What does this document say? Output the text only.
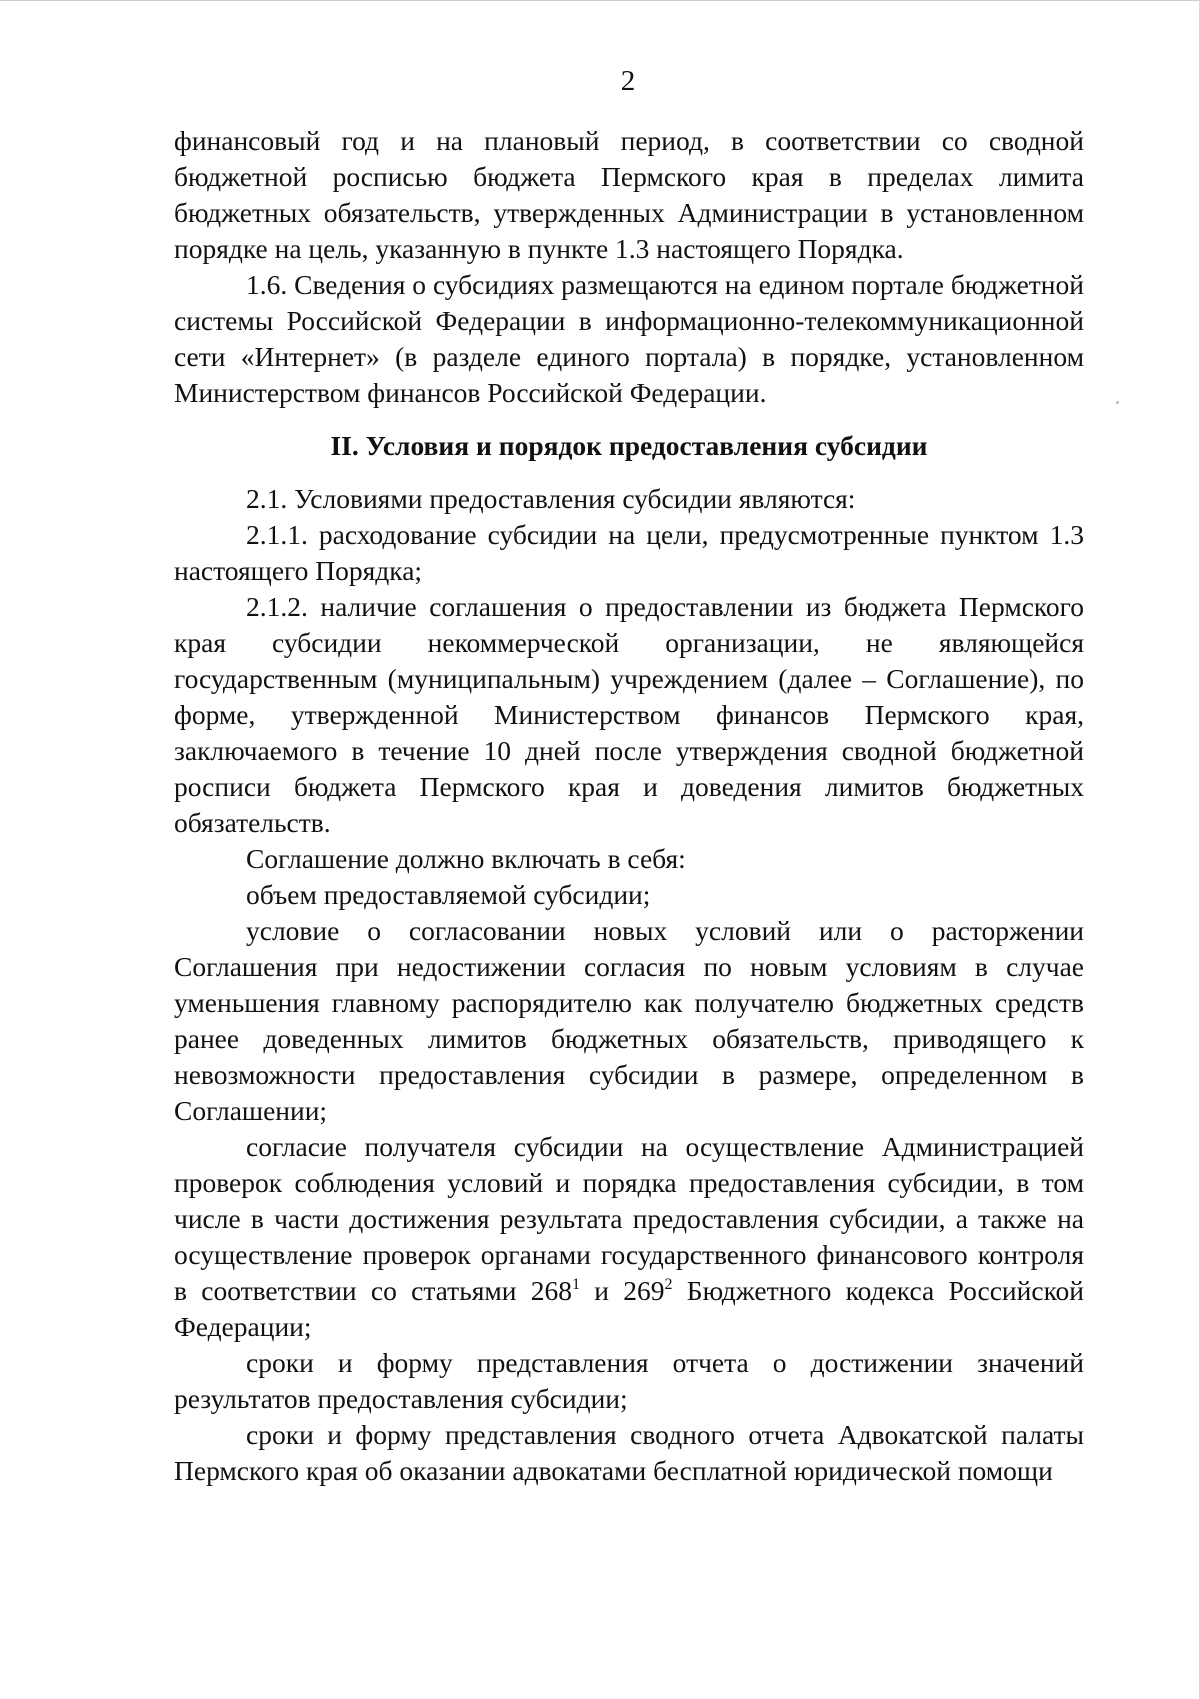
2

финансовый год и на плановый период, в соответствии со сводной бюджетной росписью бюджета Пермского края в пределах лимита бюджетных обязательств, утвержденных Администрации в установленном порядке на цель, указанную в пункте 1.3 настоящего Порядка.

1.6. Сведения о субсидиях размещаются на едином портале бюджетной системы Российской Федерации в информационно-телекоммуникационной сети «Интернет» (в разделе единого портала) в порядке, установленном Министерством финансов Российской Федерации.

II. Условия и порядок предоставления субсидии

2.1. Условиями предоставления субсидии являются:

2.1.1. расходование субсидии на цели, предусмотренные пунктом 1.3 настоящего Порядка;

2.1.2. наличие соглашения о предоставлении из бюджета Пермского края субсидии некоммерческой организации, не являющейся государственным (муниципальным) учреждением (далее – Соглашение), по форме, утвержденной Министерством финансов Пермского края, заключаемого в течение 10 дней после утверждения сводной бюджетной росписи бюджета Пермского края и доведения лимитов бюджетных обязательств.

Соглашение должно включать в себя:

объем предоставляемой субсидии;

условие о согласовании новых условий или о расторжении Соглашения при недостижении согласия по новым условиям в случае уменьшения главному распорядителю как получателю бюджетных средств ранее доведенных лимитов бюджетных обязательств, приводящего к невозможности предоставления субсидии в размере, определенном в Соглашении;

согласие получателя субсидии на осуществление Администрацией проверок соблюдения условий и порядка предоставления субсидии, в том числе в части достижения результата предоставления субсидии, а также на осуществление проверок органами государственного финансового контроля в соответствии со статьями $268^1$ и $269^2$ Бюджетного кодекса Российской Федерации;

сроки и форму представления отчета о достижении значений результатов предоставления субсидии;

сроки и форму представления сводного отчета Адвокатской палаты Пермского края об оказании адвокатами бесплатной юридической помощи
